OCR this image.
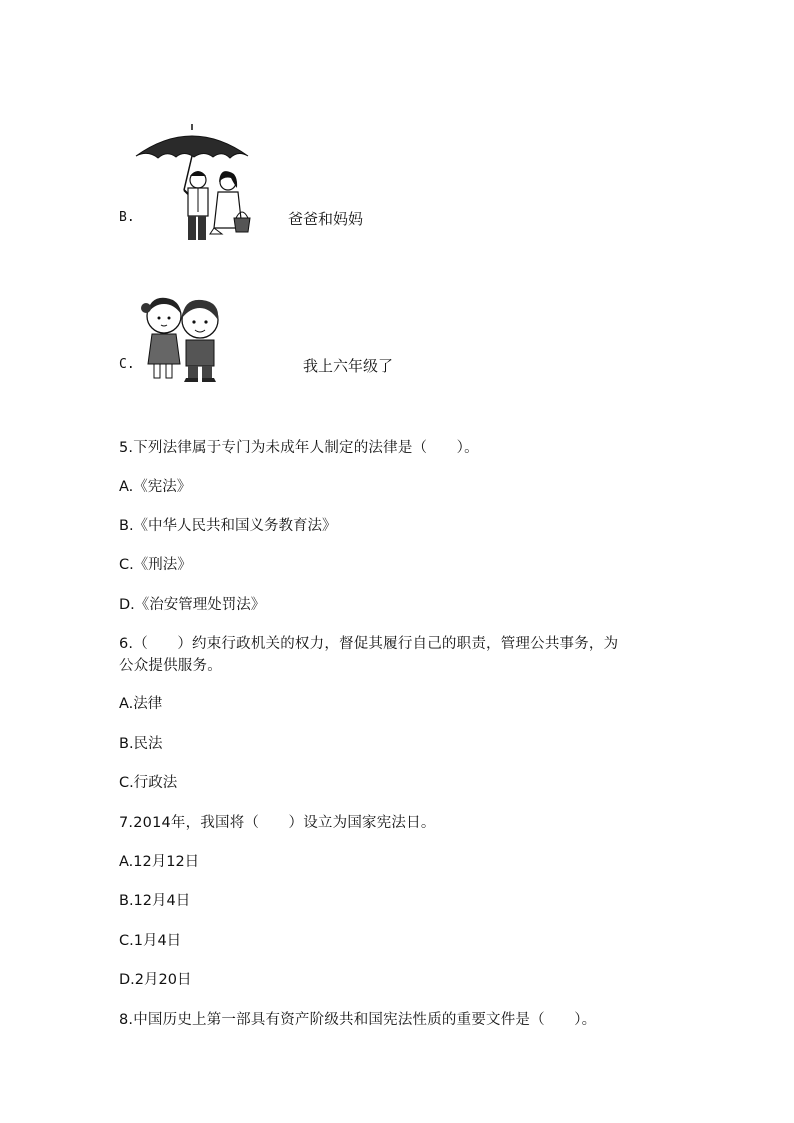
B.	爸爸和妈妈
C.	我上六年级了
5.下列法律属于专门为未成年人制定的法律是（　　）。
A.《宪法》
B.《中华人民共和国义务教育法》
C.《刑法》
D.《治安管理处罚法》
6.（　　）约束行政机关的权力，督促其履行自己的职责，管理公共事务，为
公众提供服务。
A.法律
B.民法
C.行政法
7.2014年，我国将（　　）设立为国家宪法日。
A.12月12日
B.12月4日
C.1月4日
D.2月20日
8.中国历史上第一部具有资产阶级共和国宪法性质的重要文件是（　　）。
